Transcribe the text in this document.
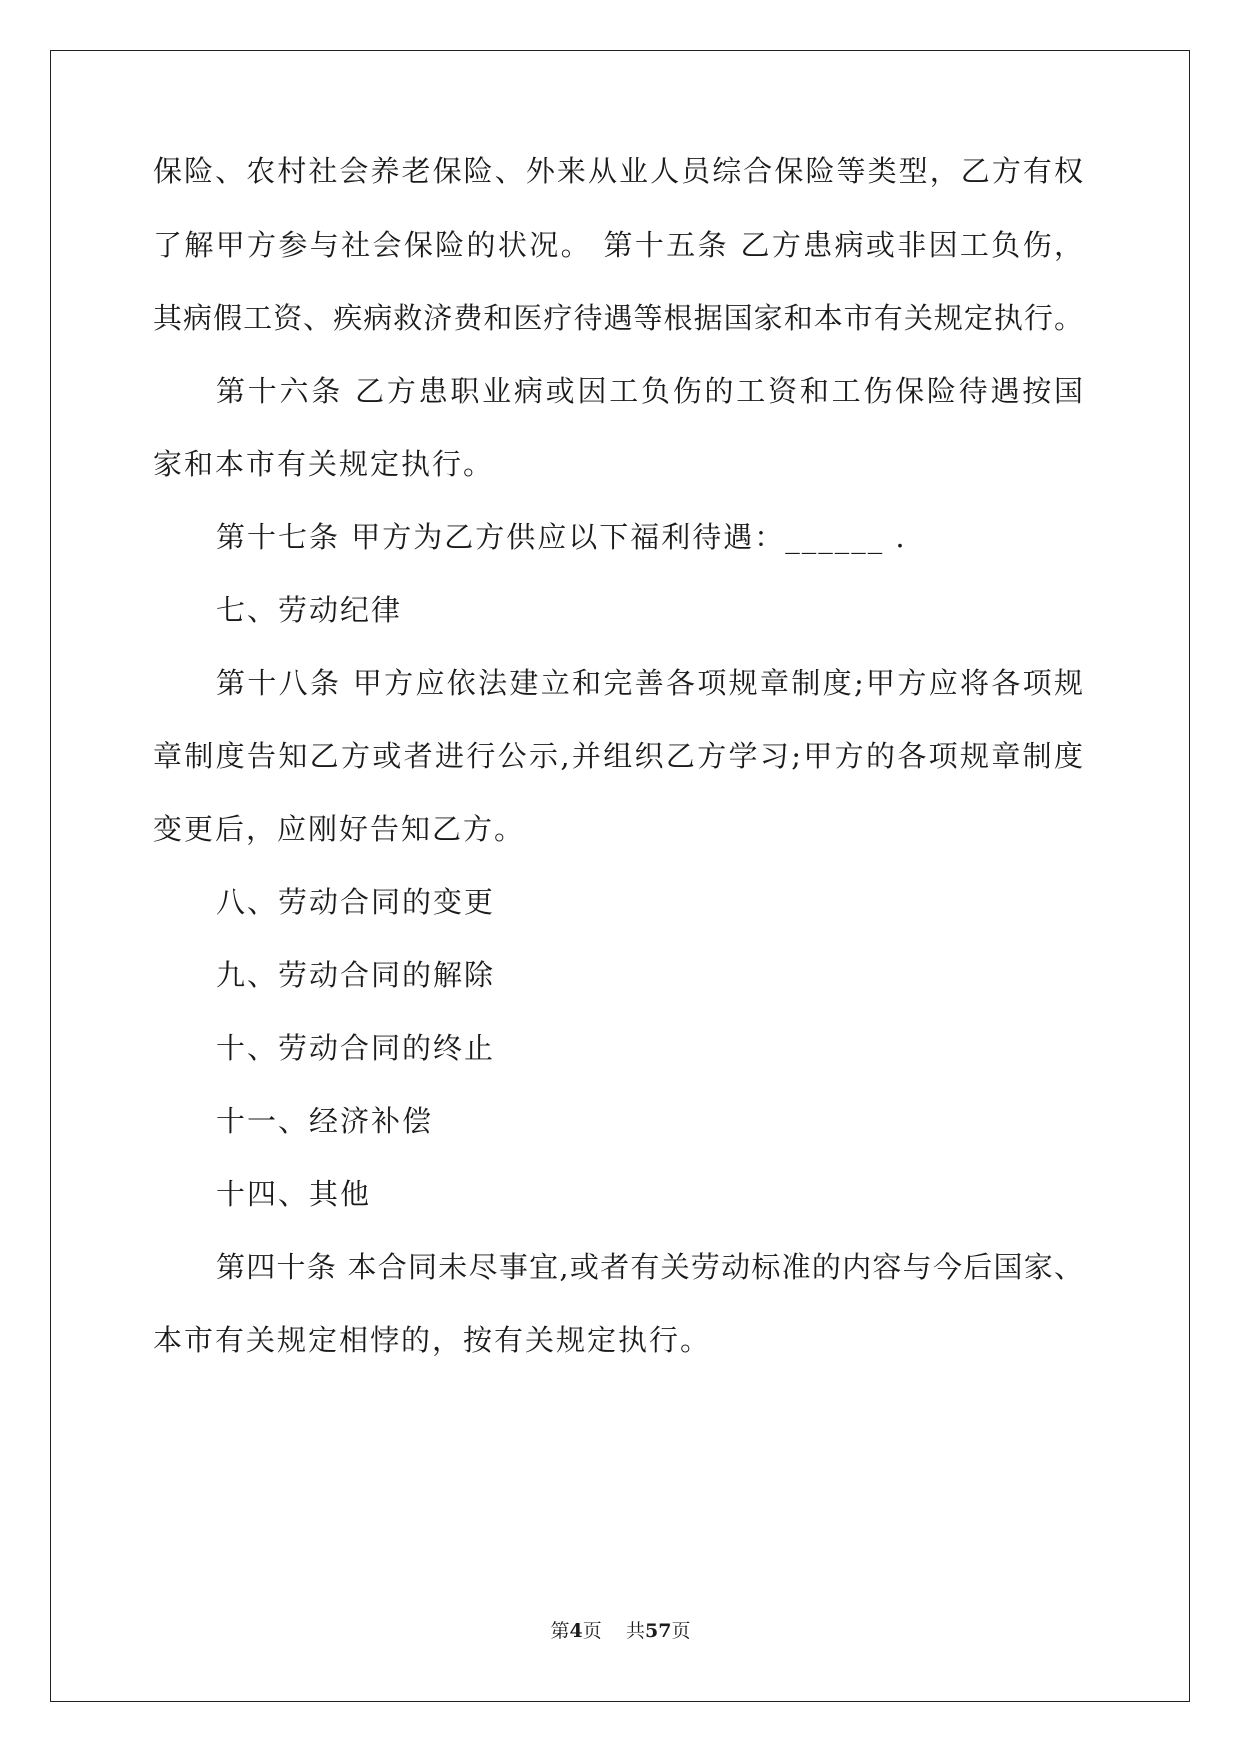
保险、农村社会养老保险、外来从业人员综合保险等类型，乙方有权
了解甲方参与社会保险的状况。 第十五条 乙方患病或非因工负伤，
其病假工资、疾病救济费和医疗待遇等根据国家和本市有关规定执行。
第十六条 乙方患职业病或因工负伤的工资和工伤保险待遇按国
家和本市有关规定执行。
第十七条 甲方为乙方供应以下福利待遇：______ .
七、劳动纪律
第十八条 甲方应依法建立和完善各项规章制度;甲方应将各项规
章制度告知乙方或者进行公示,并组织乙方学习;甲方的各项规章制度
变更后，应刚好告知乙方。
八、劳动合同的变更
九、劳动合同的解除
十、劳动合同的终止
十一、经济补偿
十四、其他
第四十条 本合同未尽事宜,或者有关劳动标准的内容与今后国家、
本市有关规定相悖的，按有关规定执行。
第4页 共57页
